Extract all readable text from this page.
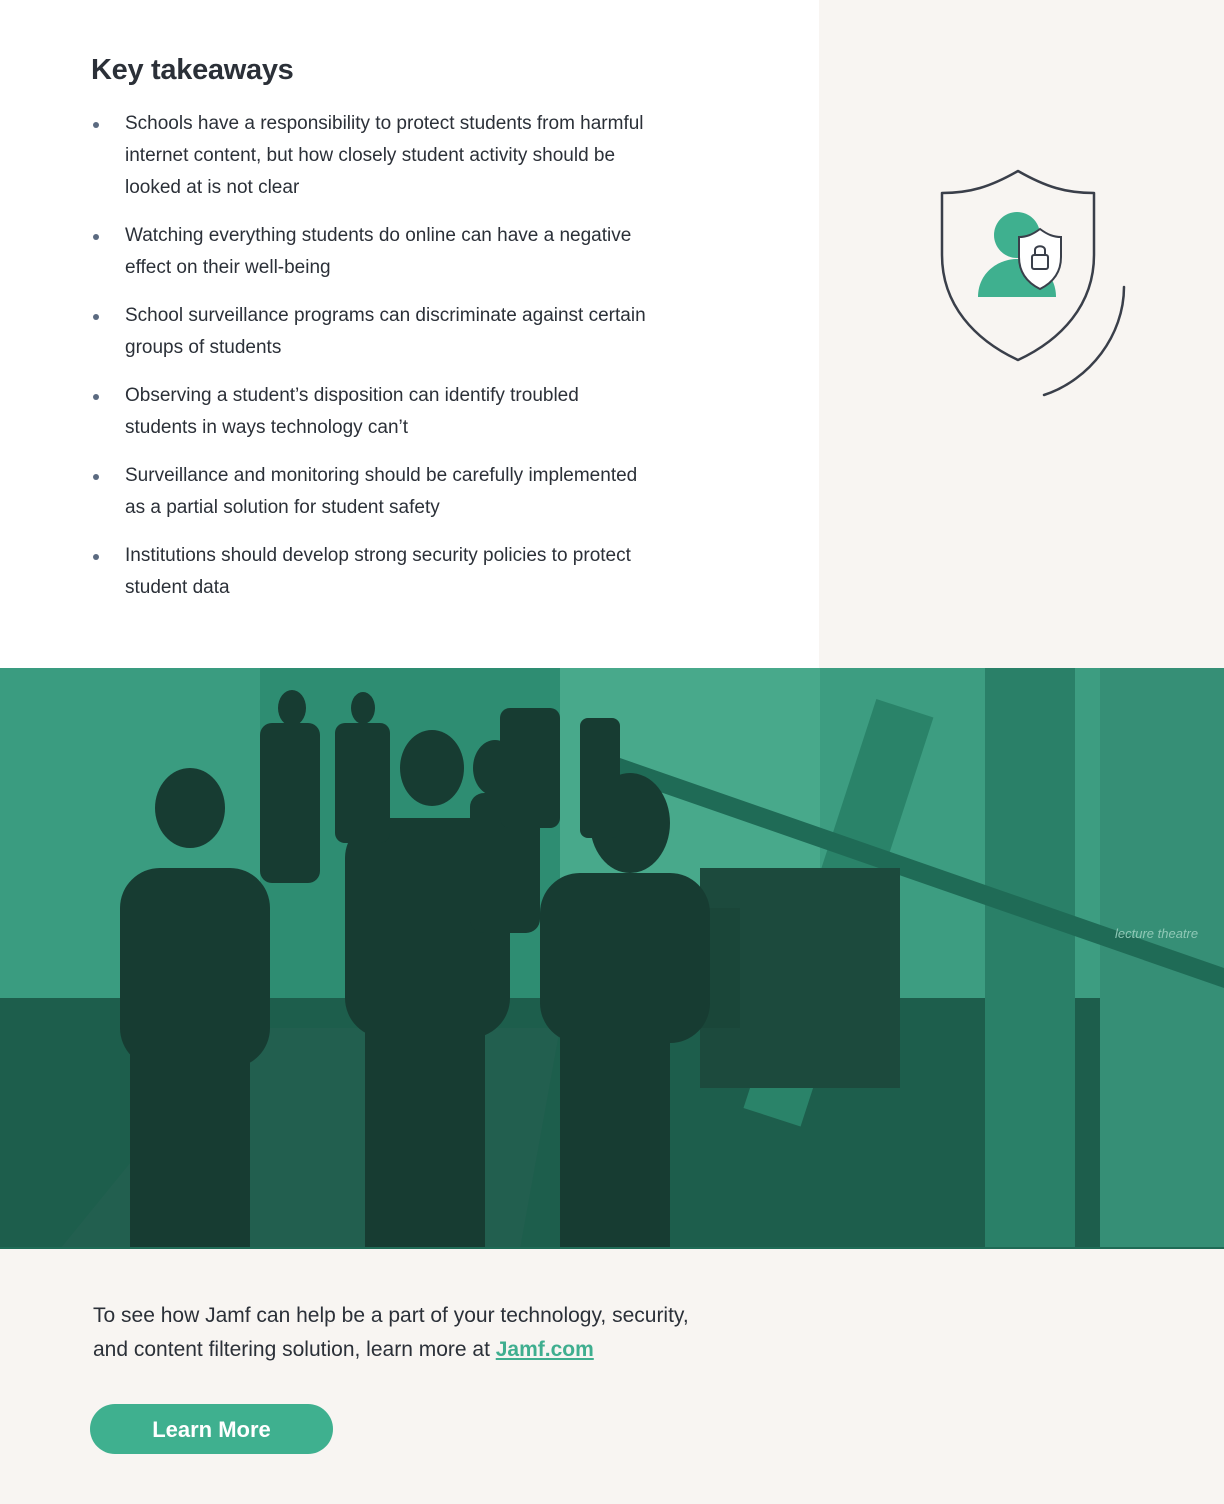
Key takeaways
Schools have a responsibility to protect students from harmful
internet content, but how closely student activity should be
looked at is not clear
Watching everything students do online can have a negative
effect on their well-being
School surveillance programs can discriminate against certain
groups of students
Observing a student’s disposition can identify troubled
students in ways technology can’t
Surveillance and monitoring should be carefully implemented
as a partial solution for student safety
Institutions should develop strong security policies to protect
student data
lecture theatre

To see how Jamf can help be a part of your technology, security,
and content filtering solution, learn more at Jamf.com

Learn More
